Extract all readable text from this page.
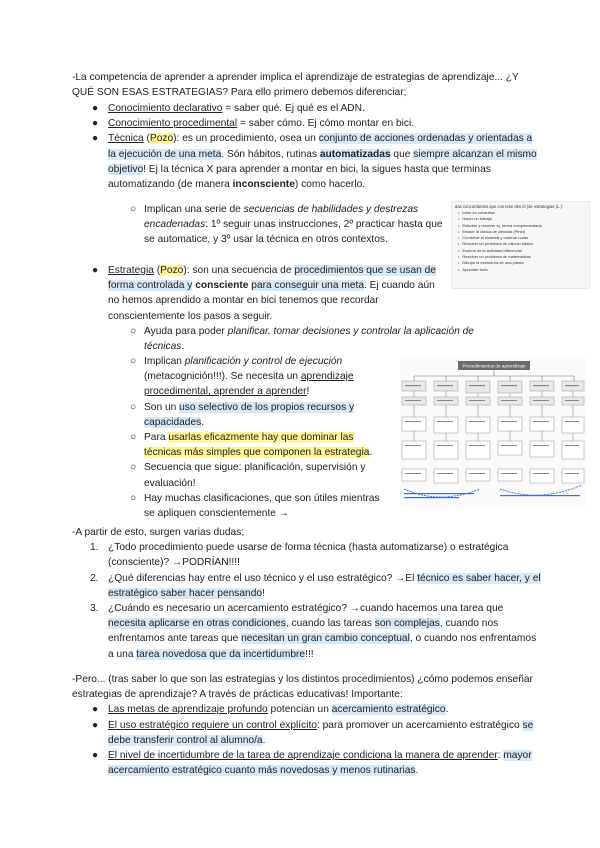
-La competencia de aprender a aprender implica el aprendizaje de estrategias de aprendizaje... ¿Y QUÉ SON ESAS ESTRATEGIAS? Para ello primero debemos diferenciar;

● Conocimiento declarativo = saber qué. Ej qué es el ADN.
● Conocimiento procedimental = saber cómo. Ej cómo montar en bici.
● Técnica (Pozo): es un procedimiento, osea un conjunto de acciones ordenadas y orientadas a la ejecución de una meta. Són hábitos, rutinas automatizadas que siempre alcanzan el mismo objetivo! Ej la técnica X para aprender a montar en bici, la sigues hasta que terminas automatizando (de manera inconsciente) como hacerlo.
○ Implican una serie de secuencias de habilidades y destrezas encadenadas: 1º seguir unas instrucciones, 2º practicar hasta que se automatice, y 3º usar la técnica en otros contextos.
● Estrategia (Pozo): son una secuencia de procedimientos que se usan de forma controlada y consciente para conseguir una meta. Ej cuando aún no hemos aprendido a montar en bici tenemos que recordar conscientemente los pasos a seguir.
○ Ayuda para poder planificar, tomar decisiones y controlar la aplicación de técnicas.
○ Implican planificación y control de ejecución (metacognición!!!). Se necesita un aprendizaje procedimental, aprender a aprender!
○ Son un uso selectivo de los propios recursos y capacidades.
○ Para usarlas eficazmente hay que dominar las técnicas más simples que componen la estrategia.
○ Secuencia que sigue: planificación, supervisión y evaluación!
○ Hay muchas clasificaciones, que son útiles mientras se apliquen conscientemente →

-A partir de esto, surgen varias dudas;

1. ¿Todo procedimiento puede usarse de forma técnica (hasta automatizarse) o estratégica (consciente)? →PODRÍAN!!!!
2. ¿Qué diferencias hay entre el uso técnico y el uso estratégico? →El técnico es saber hacer, y el estratégico saber hacer pensando!
3. ¿Cuándo es necesario un acercamiento estratégico? →cuando hacemos una tarea que necesita aplicarse en otras condiciones, cuando las tareas son complejas, cuando nos enfrentamos ante tareas que necesitan un gran cambio conceptual, o cuando nos enfrentamos a una tarea novedosa que da incertidumbre!!!

-Pero... (tras saber lo que son las estrategias y los distintos procedimientos) ¿cómo podemos enseñar estrategias de aprendizaje? A través de prácticas educativas! Importante:

● Las metas de aprendizaje profundo potencian un acercamiento estratégico.
● El uso estratégico requiere un control explícito: para promover un acercamiento estratégico se debe transferir control al alumno/a.
● El nivel de incertidumbre de la tarea de aprendizaje condiciona la manera de aprender: mayor acercamiento estratégico cuanto más novedosas y menos rutinarias.
das concordantes que con tese des él (de estrategias (L.):
• tome en consultas
• Hacer un trabajo
• Estudiar y resolver ej. forma complementaria
• Enlace la clínica de ciencias (Pinel)
• Combinar el material y ordenar notas
• Resolver un problema de cálculo básico
• Enzima de la actividad diferencial
• Resolver un problema de matemáticas
• Dibujar la estructura de una planta
• Aprender todo
Procedimientos de aprendizaje
